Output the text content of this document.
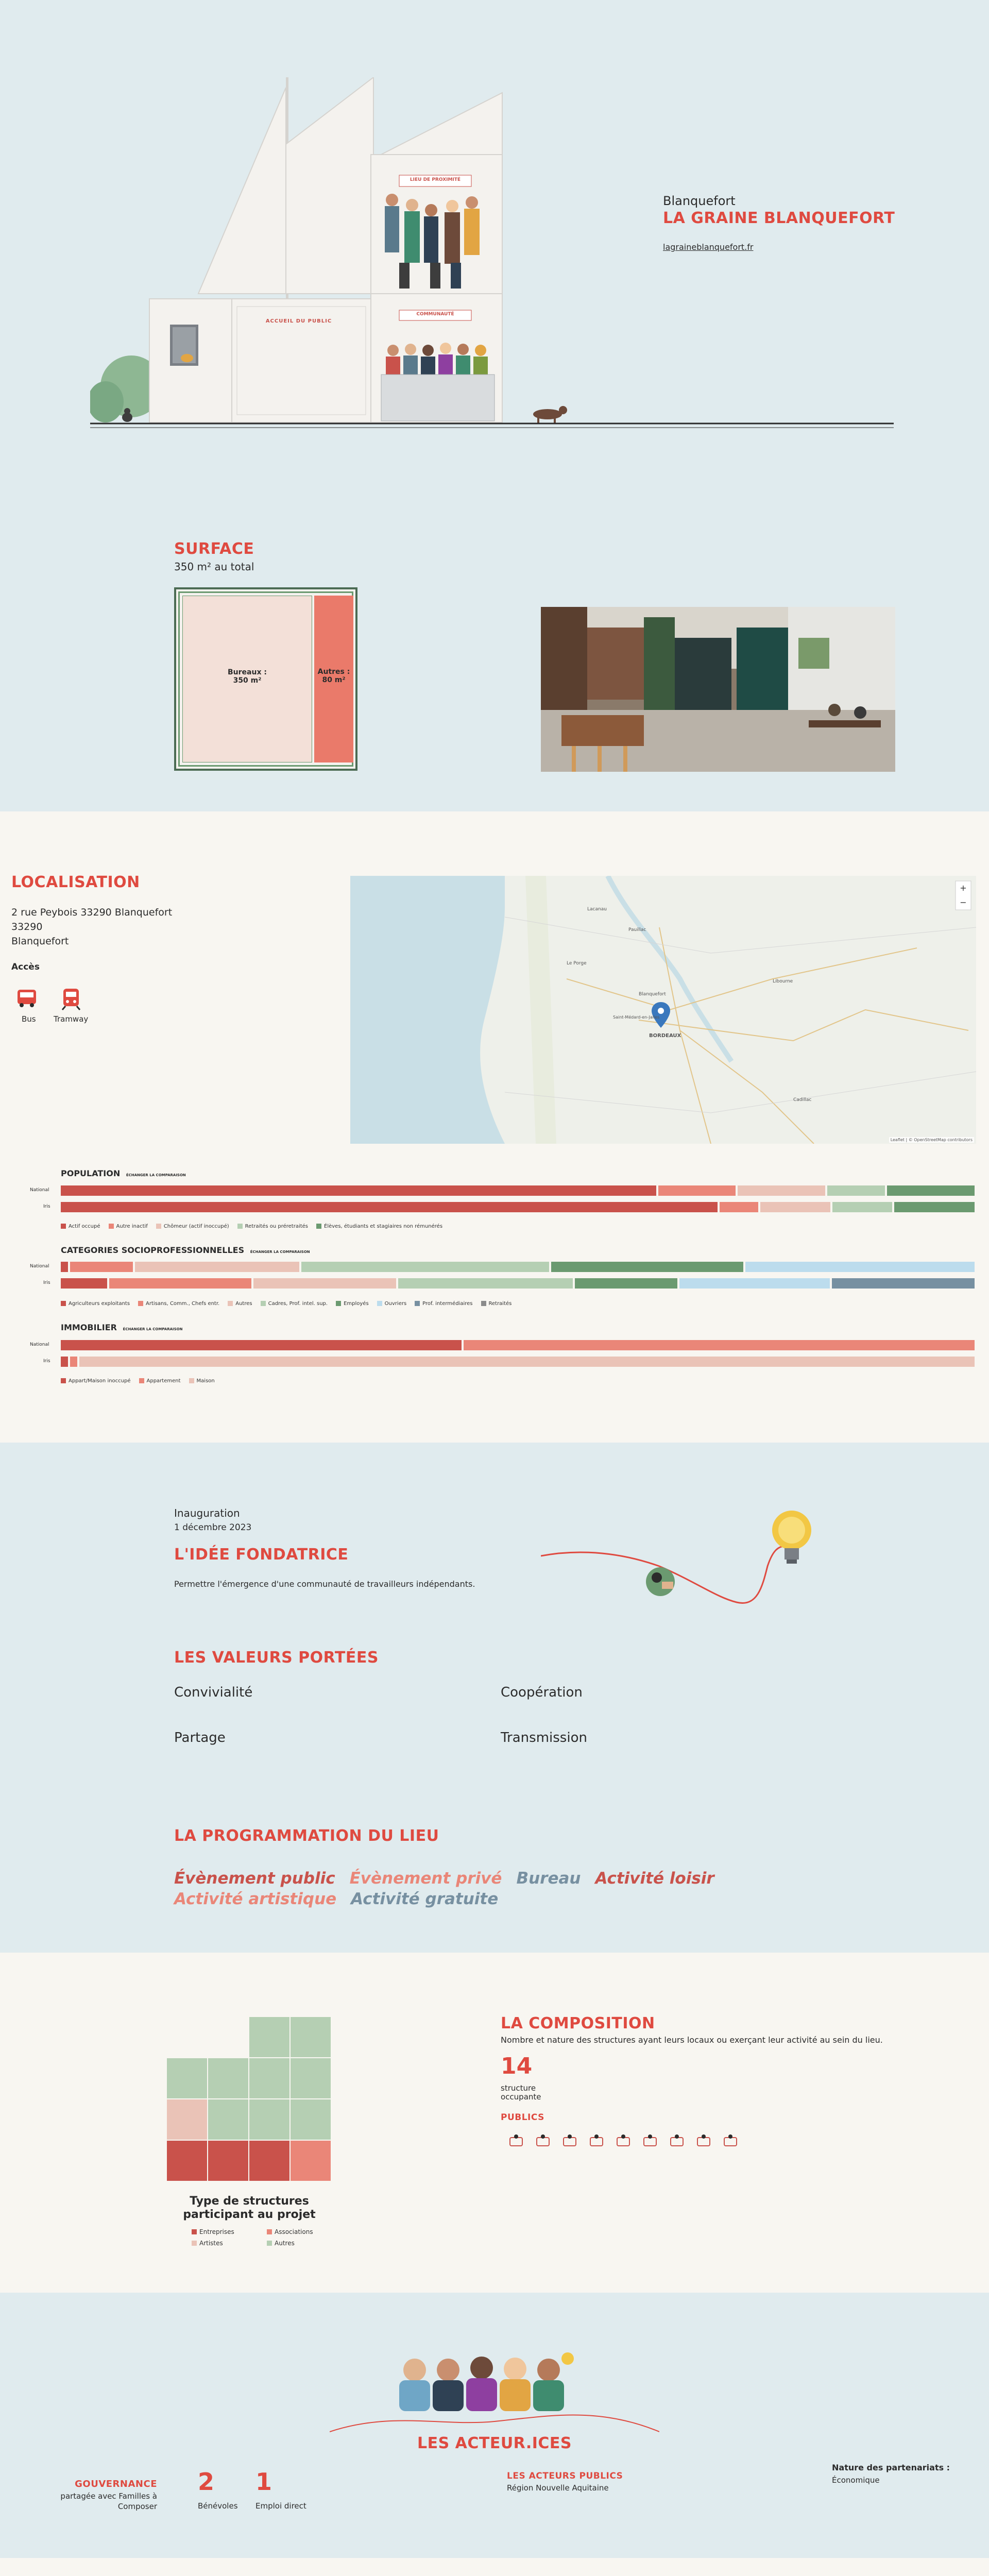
LIEU DE PROXIMITÉ
ACCUEIL DU PUBLIC
COMMUNAUTÉ
Blanquefort
LA GRAINE BLANQUEFORT
lagraineblanquefort.fr
SURFACE
350 m² au total
Bureaux :
350 m²
Autres :
80 m²
LOCALISATION
2 rue Peybois 33290 Blanquefort
33290
Blanquefort
Accès
Bus Tramway
BORDEAUX
Blanquefort
Le Porge
Saint-Médard-en-Jalles
Lacanau
Pauillac
Libourne
Cadillac
+
−
Leaflet | © OpenStreetMap contributors
POPULATION ÉCHANGER LA COMPARAISON
National
Iris
Actif occupé	Autre inactif	Chômeur (actif inoccupé)	Retraités ou préretraités	Élèves, étudiants et stagiaires non rémunérés
CATEGORIES SOCIOPROFESSIONNELLES ÉCHANGER LA COMPARAISON
National
Iris
Agriculteurs exploitants	Artisans, Comm., Chefs entr.	Autres	Cadres, Prof. intel. sup.	Employés	Ouvriers	Prof. intermédiaires	Retraités
IMMOBILIER ÉCHANGER LA COMPARAISON
National
Iris
Appart/Maison inoccupé	Appartement	Maison
Inauguration
1 décembre 2023
L'IDÉE FONDATRICE
Permettre l'émergence d'une communauté de travailleurs indépendants.
LES VALEURS PORTÉES
Convivialité	Coopération
Partage	Transmission
LA PROGRAMMATION DU LIEU
Évènement public Évènement privé Bureau Activité loisir
Activité artistique Activité gratuite
Type de structures participant au projet
Entreprises	Associations
Artistes	Autres
LA COMPOSITION
Nombre et nature des structures ayant leurs locaux ou exerçant leur activité au sein du lieu.
14
structure occupante
PUBLICS
LES ACTEUR.ICES
GOUVERNANCE
partagée avec Familles à Composer
2
Bénévoles
1
Emploi direct
LES ACTEURS PUBLICS
Région Nouvelle Aquitaine
Nature des partenariats :
Économique
